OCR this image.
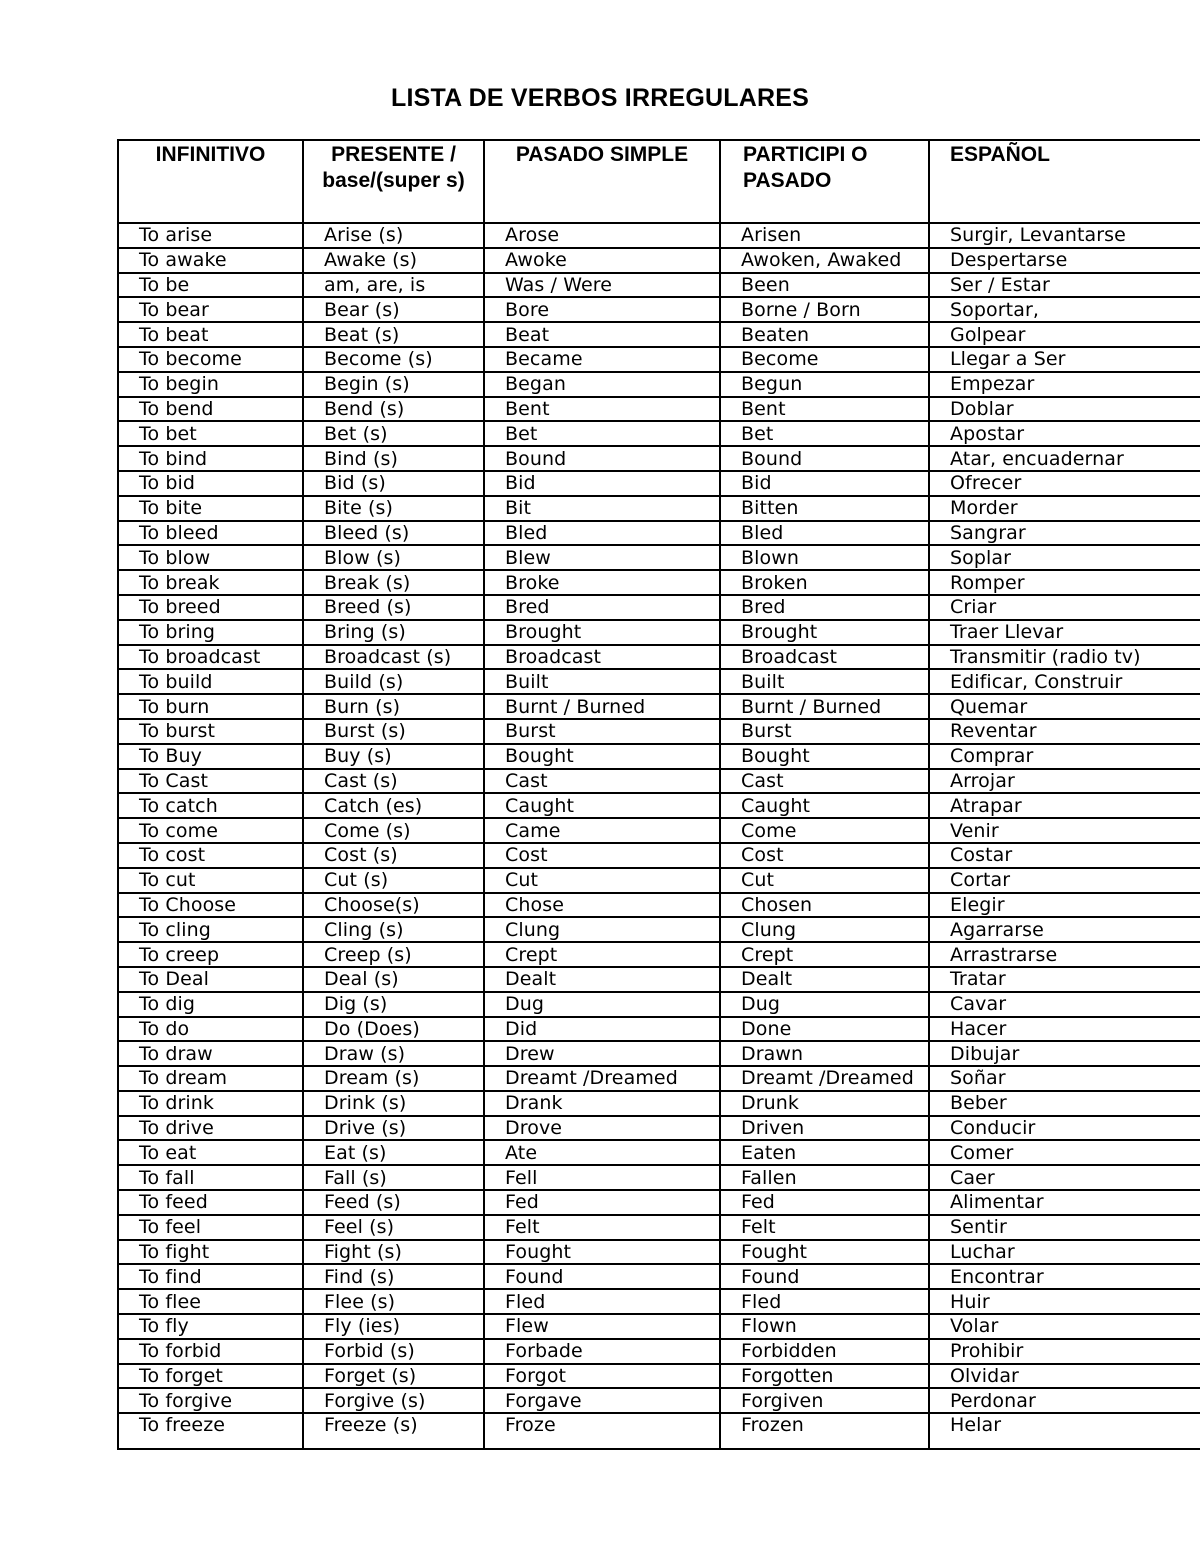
LISTA DE VERBOS IRREGULARES
INFINITIVO	PRESENTE / base/(super s)	PASADO SIMPLE	PARTICIPI O PASADO	ESPAÑOL
To arise	Arise (s)	Arose	Arisen	Surgir, Levantarse
To awake	Awake (s)	Awoke	Awoken, Awaked	Despertarse
To be	am, are, is	Was / Were	Been	Ser / Estar
To bear	Bear (s)	Bore	Borne / Born	Soportar,
To beat	Beat (s)	Beat	Beaten	Golpear
To become	Become (s)	Became	Become	Llegar a Ser
To begin	Begin (s)	Began	Begun	Empezar
To bend	Bend (s)	Bent	Bent	Doblar
To bet	Bet (s)	Bet	Bet	Apostar
To bind	Bind (s)	Bound	Bound	Atar, encuadernar
To bid	Bid (s)	Bid	Bid	Ofrecer
To bite	Bite (s)	Bit	Bitten	Morder
To bleed	Bleed (s)	Bled	Bled	Sangrar
To blow	Blow (s)	Blew	Blown	Soplar
To break	Break (s)	Broke	Broken	Romper
To breed	Breed (s)	Bred	Bred	Criar
To bring	Bring (s)	Brought	Brought	Traer Llevar
To broadcast	Broadcast (s)	Broadcast	Broadcast	Transmitir (radio tv)
To build	Build (s)	Built	Built	Edificar, Construir
To burn	Burn (s)	Burnt / Burned	Burnt / Burned	Quemar
To burst	Burst (s)	Burst	Burst	Reventar
To Buy	Buy (s)	Bought	Bought	Comprar
To Cast	Cast (s)	Cast	Cast	Arrojar
To catch	Catch (es)	Caught	Caught	Atrapar
To come	Come (s)	Came	Come	Venir
To cost	Cost (s)	Cost	Cost	Costar
To cut	Cut (s)	Cut	Cut	Cortar
To Choose	Choose(s)	Chose	Chosen	Elegir
To cling	Cling (s)	Clung	Clung	Agarrarse
To creep	Creep (s)	Crept	Crept	Arrastrarse
To Deal	Deal (s)	Dealt	Dealt	Tratar
To dig	Dig (s)	Dug	Dug	Cavar
To do	Do (Does)	Did	Done	Hacer
To draw	Draw (s)	Drew	Drawn	Dibujar
To dream	Dream (s)	Dreamt /Dreamed	Dreamt /Dreamed	Soñar
To drink	Drink (s)	Drank	Drunk	Beber
To drive	Drive (s)	Drove	Driven	Conducir
To eat	Eat (s)	Ate	Eaten	Comer
To fall	Fall (s)	Fell	Fallen	Caer
To feed	Feed (s)	Fed	Fed	Alimentar
To feel	Feel (s)	Felt	Felt	Sentir
To fight	Fight (s)	Fought	Fought	Luchar
To find	Find (s)	Found	Found	Encontrar
To flee	Flee (s)	Fled	Fled	Huir
To fly	Fly (ies)	Flew	Flown	Volar
To forbid	Forbid (s)	Forbade	Forbidden	Prohibir
To forget	Forget (s)	Forgot	Forgotten	Olvidar
To forgive	Forgive (s)	Forgave	Forgiven	Perdonar
To freeze	Freeze (s)	Froze	Frozen	Helar
